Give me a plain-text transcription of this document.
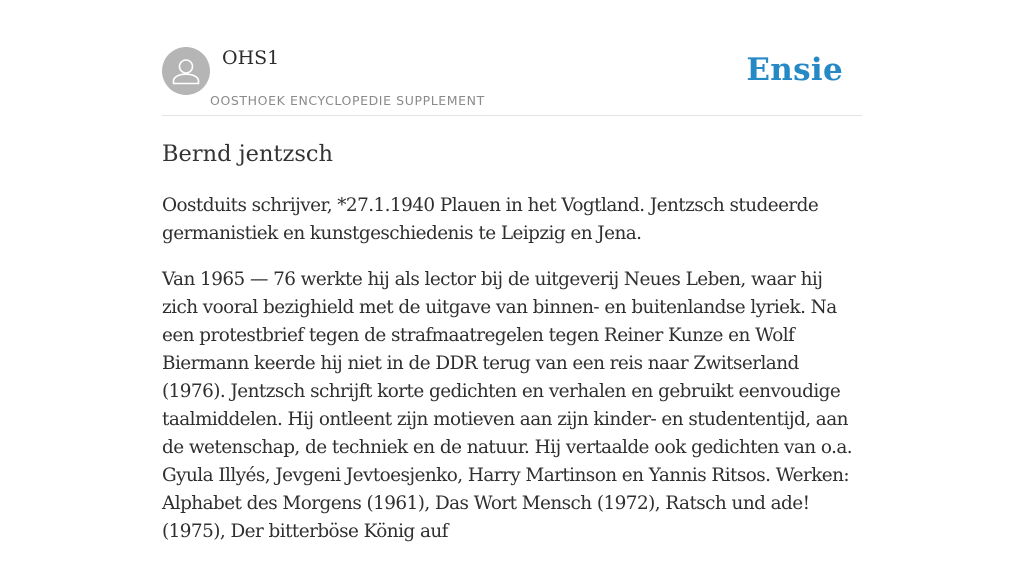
OHS1
OOSTHOEK ENCYCLOPEDIE SUPPLEMENT
Ensie
Bernd jentzsch

Oostduits schrijver, *27.1.1940 Plauen in het Vogtland. Jentzsch studeerde germanistiek en kunstgeschiedenis te Leipzig en Jena.

Van 1965 — 76 werkte hij als lector bij de uitgeverij Neues Leben, waar hij zich vooral bezighield met de uitgave van binnen- en buitenlandse lyriek. Na een protestbrief tegen de strafmaatregelen tegen Reiner Kunze en Wolf Biermann keerde hij niet in de DDR terug van een reis naar Zwitserland (1976). Jentzsch schrijft korte gedichten en verhalen en gebruikt eenvoudige taalmiddelen. Hij ontleent zijn motieven aan zijn kinder- en studententijd, aan de wetenschap, de techniek en de natuur. Hij vertaalde ook gedichten van o.a. Gyula Illyés, Jevgeni Jevtoesjenko, Harry Martinson en Yannis Ritsos. Werken: Alphabet des Morgens (1961), Das Wort Mensch (1972), Ratsch und ade! (1975), Der bitterböse König auf
